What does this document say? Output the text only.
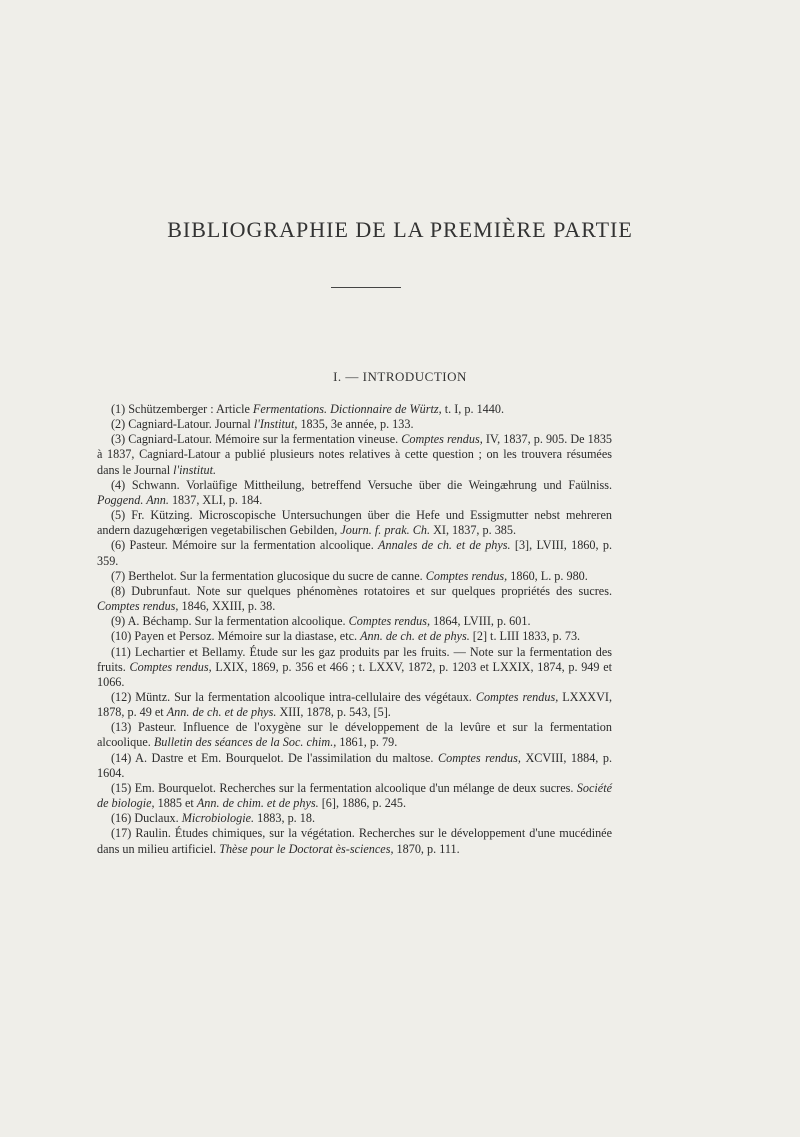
BIBLIOGRAPHIE DE LA PREMIÈRE PARTIE
I. — INTRODUCTION

(1) Schützemberger : Article Fermentations. Dictionnaire de Würtz, t. I, p. 1440.

(2) Cagniard-Latour. Journal l'Institut, 1835, 3e année, p. 133.

(3) Cagniard-Latour. Mémoire sur la fermentation vineuse. Comptes rendus, IV, 1837, p. 905. De 1835 à 1837, Cagniard-Latour a publié plusieurs notes relatives à cette question ; on les trouvera résumées dans le Journal l'institut.

(4) Schwann. Vorlaüfige Mittheilung, betreffend Versuche über die Weingæhrung und Faülniss. Poggend. Ann. 1837, XLI, p. 184.

(5) Fr. Kützing. Microscopische Untersuchungen über die Hefe und Essigmutter nebst mehreren andern dazugehœrigen vegetabilischen Gebilden, Journ. f. prak. Ch. XI, 1837, p. 385.

(6) Pasteur. Mémoire sur la fermentation alcoolique. Annales de ch. et de phys. [3], LVIII, 1860, p. 359.

(7) Berthelot. Sur la fermentation glucosique du sucre de canne. Comptes rendus, 1860, L. p. 980.

(8) Dubrunfaut. Note sur quelques phénomènes rotatoires et sur quelques propriétés des sucres. Comptes rendus, 1846, XXIII, p. 38.

(9) A. Béchamp. Sur la fermentation alcoolique. Comptes rendus, 1864, LVIII, p. 601.

(10) Payen et Persoz. Mémoire sur la diastase, etc. Ann. de ch. et de phys. [2] t. LIII 1833, p. 73.

(11) Lechartier et Bellamy. Étude sur les gaz produits par les fruits. — Note sur la fermentation des fruits. Comptes rendus, LXIX, 1869, p. 356 et 466 ; t. LXXV, 1872, p. 1203 et LXXIX, 1874, p. 949 et 1066.

(12) Müntz. Sur la fermentation alcoolique intra-cellulaire des végétaux. Comptes rendus, LXXXVI, 1878, p. 49 et Ann. de ch. et de phys. XIII, 1878, p. 543, [5].

(13) Pasteur. Influence de l'oxygène sur le développement de la levûre et sur la fermentation alcoolique. Bulletin des séances de la Soc. chim., 1861, p. 79.

(14) A. Dastre et Em. Bourquelot. De l'assimilation du maltose. Comptes rendus, XCVIII, 1884, p. 1604.

(15) Em. Bourquelot. Recherches sur la fermentation alcoolique d'un mélange de deux sucres. Société de biologie, 1885 et Ann. de chim. et de phys. [6], 1886, p. 245.

(16) Duclaux. Microbiologie. 1883, p. 18.

(17) Raulin. Études chimiques, sur la végétation. Recherches sur le développement d'une mucédinée dans un milieu artificiel. Thèse pour le Doctorat ès-sciences, 1870, p. 111.
